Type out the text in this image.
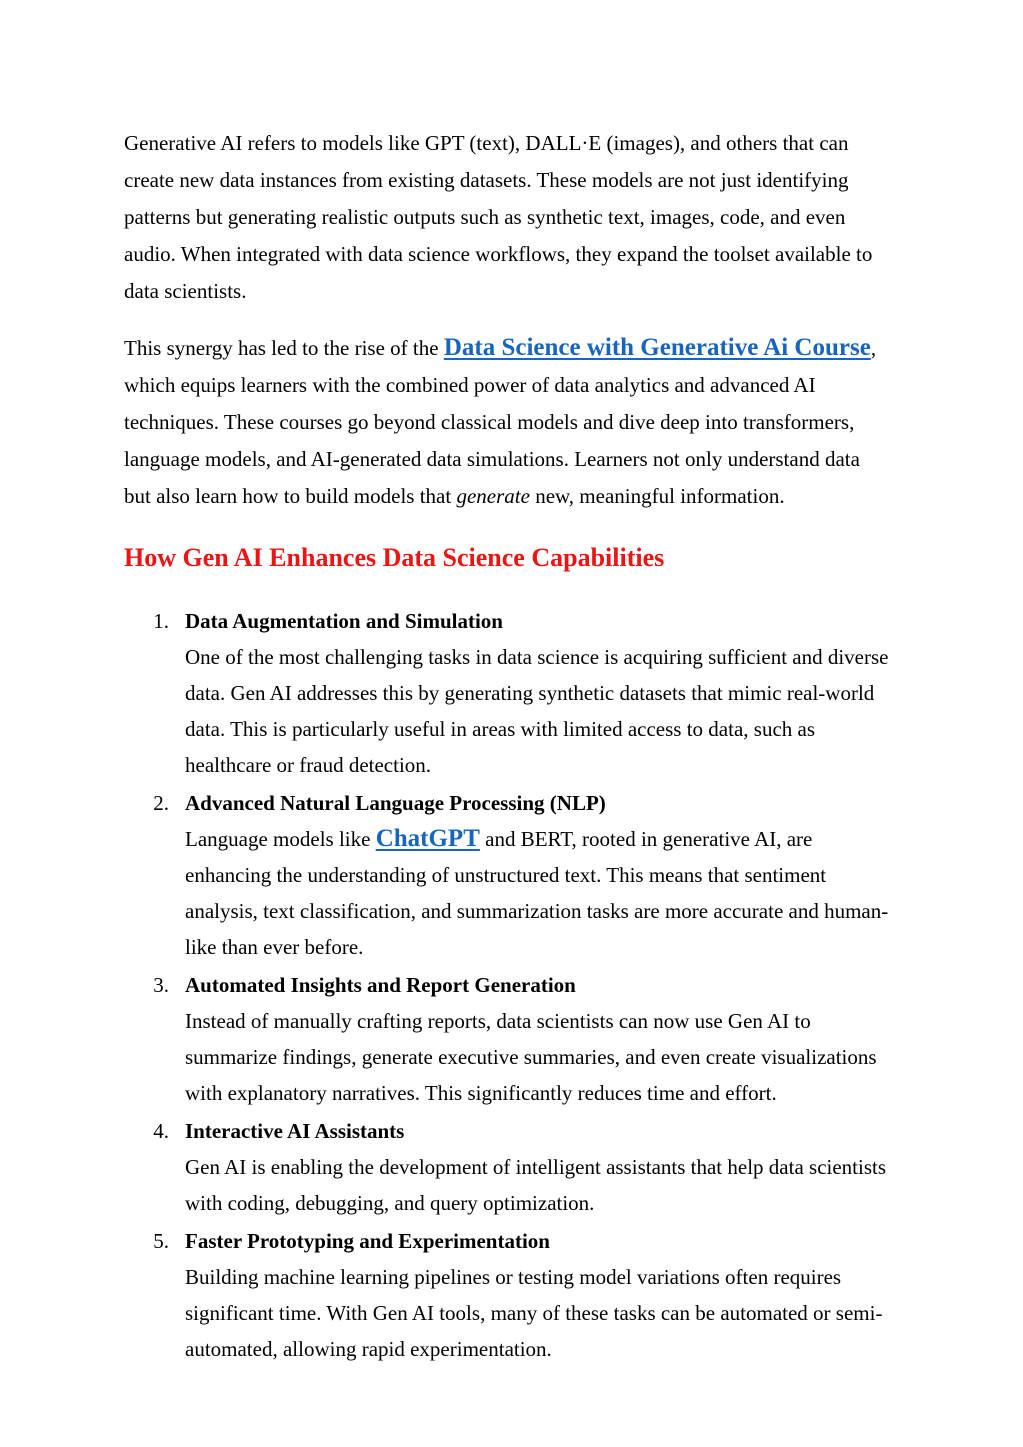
Generative AI refers to models like GPT (text), DALL·E (images), and others that can create new data instances from existing datasets. These models are not just identifying patterns but generating realistic outputs such as synthetic text, images, code, and even audio. When integrated with data science workflows, they expand the toolset available to data scientists.

This synergy has led to the rise of the Data Science with Generative Ai Course, which equips learners with the combined power of data analytics and advanced AI techniques. These courses go beyond classical models and dive deep into transformers, language models, and AI-generated data simulations. Learners not only understand data but also learn how to build models that generate new, meaningful information.

How Gen AI Enhances Data Science Capabilities
1. Data Augmentation and Simulation
One of the most challenging tasks in data science is acquiring sufficient and diverse data. Gen AI addresses this by generating synthetic datasets that mimic real-world data. This is particularly useful in areas with limited access to data, such as healthcare or fraud detection.
2. Advanced Natural Language Processing (NLP)
Language models like ChatGPT and BERT, rooted in generative AI, are enhancing the understanding of unstructured text. This means that sentiment analysis, text classification, and summarization tasks are more accurate and human-like than ever before.
3. Automated Insights and Report Generation
Instead of manually crafting reports, data scientists can now use Gen AI to summarize findings, generate executive summaries, and even create visualizations with explanatory narratives. This significantly reduces time and effort.
4. Interactive AI Assistants
Gen AI is enabling the development of intelligent assistants that help data scientists with coding, debugging, and query optimization.
5. Faster Prototyping and Experimentation
Building machine learning pipelines or testing model variations often requires significant time. With Gen AI tools, many of these tasks can be automated or semi-automated, allowing rapid experimentation.
